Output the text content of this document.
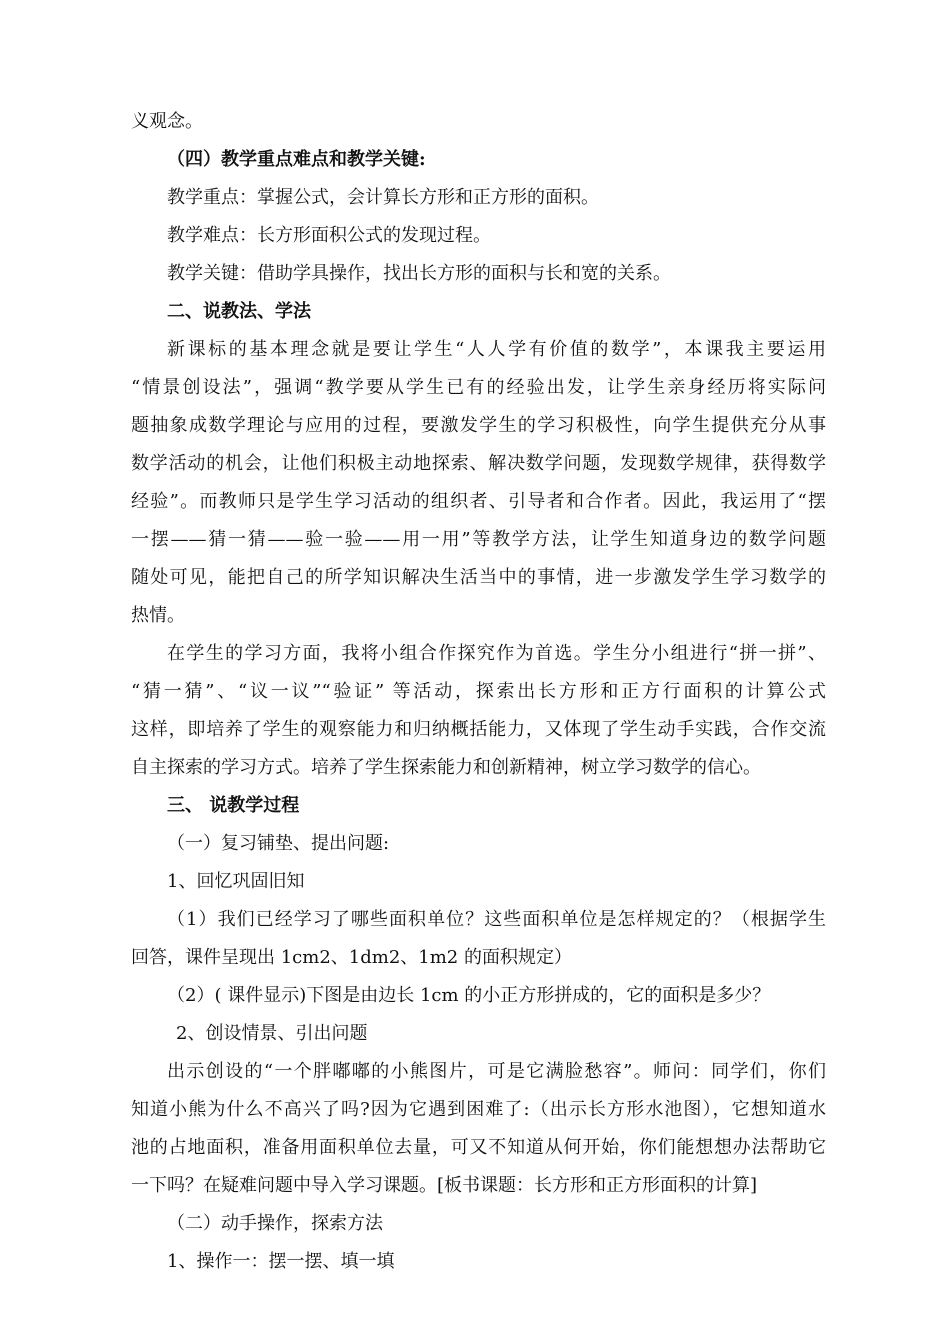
义观念。
（四）教学重点难点和教学关键:
教学重点：掌握公式，会计算长方形和正方形的面积。
教学难点：长方形面积公式的发现过程。
教学关键：借助学具操作，找出长方形的面积与长和宽的关系。
二、说教法、学法
新课标的基本理念就是要让学生“人人学有价值的数学”，本课我主要运用
“情景创设法”，强调“教学要从学生已有的经验出发，让学生亲身经历将实际问
题抽象成数学理论与应用的过程，要激发学生的学习积极性，向学生提供充分从事
数学活动的机会，让他们积极主动地探索、解决数学问题，发现数学规律，获得数学
经验”。而教师只是学生学习活动的组织者、引导者和合作者。因此，我运用了“摆
一摆——猜一猜——验一验——用一用”等教学方法，让学生知道身边的数学问题
随处可见，能把自己的所学知识解决生活当中的事情，进一步激发学生学习数学的
热情。
在学生的学习方面，我将小组合作探究作为首选。学生分小组进行“拼一拼”、
“猜一猜”、“议一议”“验证” 等活动，探索出长方形和正方行面积的计算公式
这样，即培养了学生的观察能力和归纳概括能力，又体现了学生动手实践，合作交流
自主探索的学习方式。培养了学生探索能力和创新精神，树立学习数学的信心。
三、 说教学过程
（一）复习铺垫、提出问题:
1、回忆巩固旧知
（1）我们已经学习了哪些面积单位？这些面积单位是怎样规定的？（根据学生
回答，课件呈现出 1cm2、1dm2、1m2 的面积规定）
（2）( 课件显示)下图是由边长 1cm 的小正方形拼成的，它的面积是多少？
2、创设情景、引出问题
出示创设的“一个胖嘟嘟的小熊图片，可是它满脸愁容”。师问：同学们，你们
知道小熊为什么不高兴了吗?因为它遇到困难了:（出示长方形水池图），它想知道水
池的占地面积，准备用面积单位去量，可又不知道从何开始，你们能想想办法帮助它
一下吗？在疑难问题中导入学习课题。[板书课题：长方形和正方形面积的计算]
（二）动手操作，探索方法
1、操作一：摆一摆、填一填
